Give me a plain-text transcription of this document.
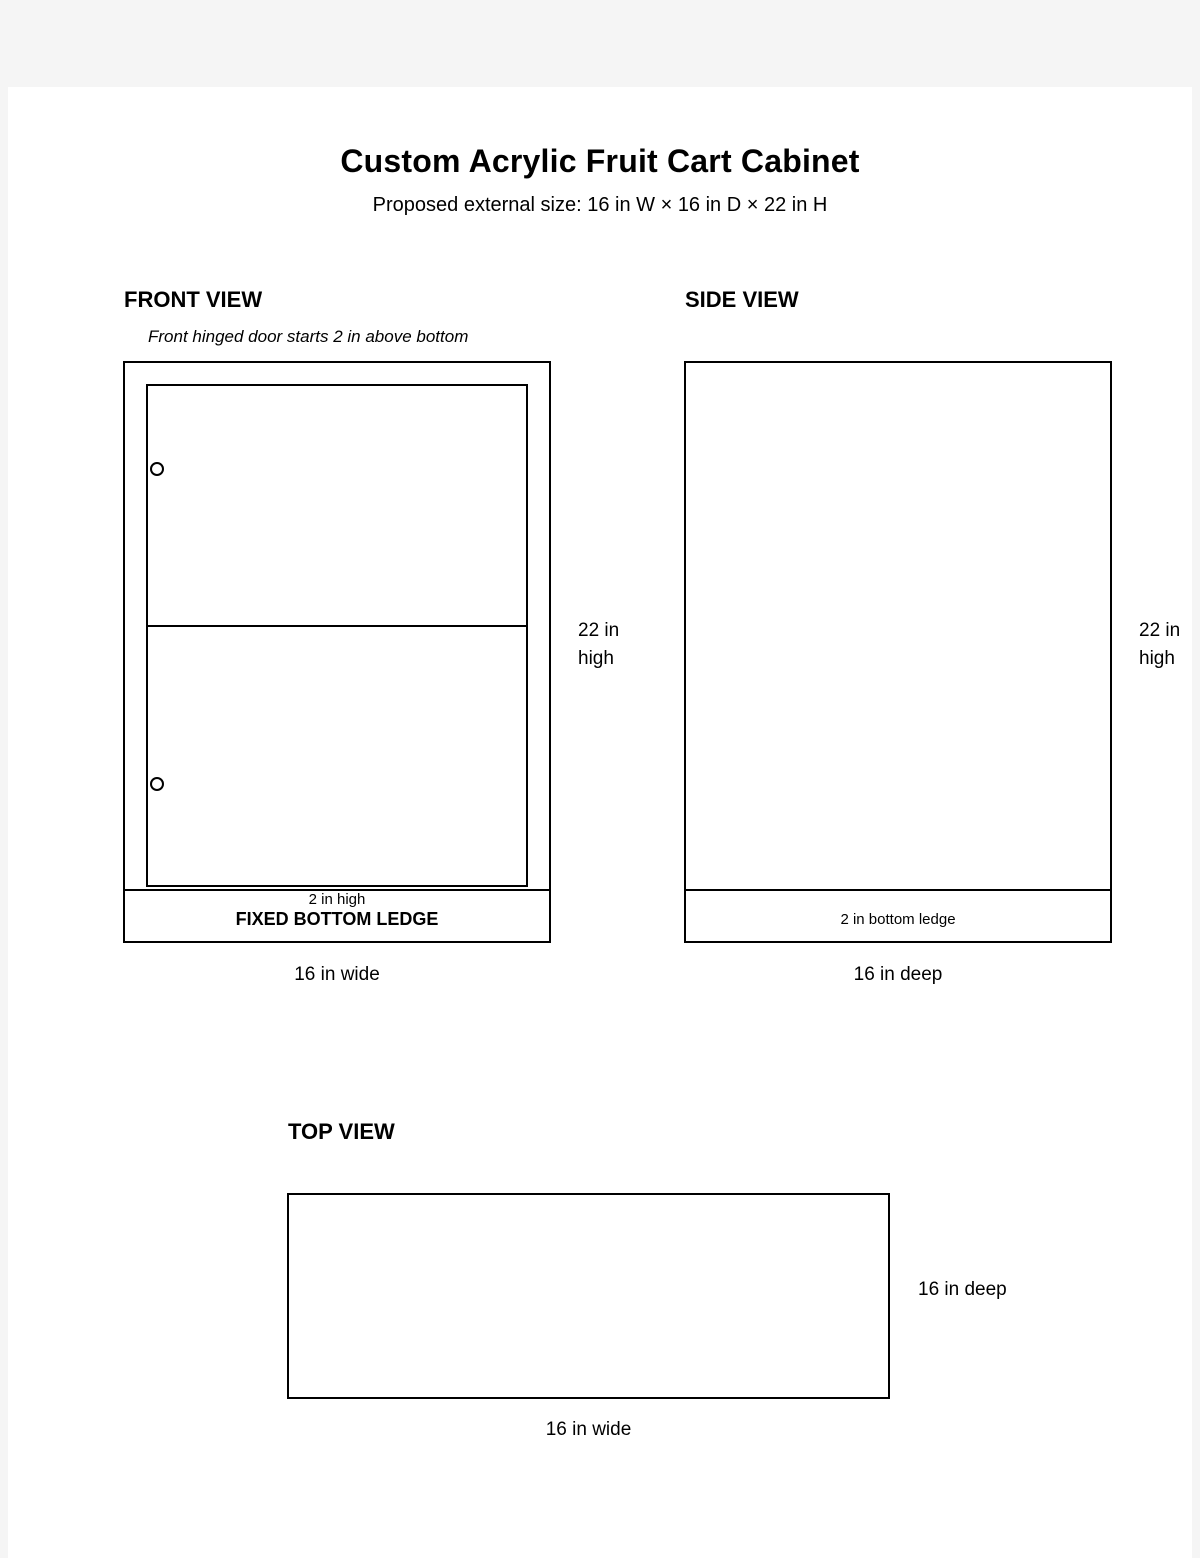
Custom Acrylic Fruit Cart Cabinet
Proposed external size: 16 in W × 16 in D × 22 in H
FRONT VIEW
Front hinged door starts 2 in above bottom
2 in high
FIXED BOTTOM LEDGE
22 in
high
16 in wide
SIDE VIEW
2 in bottom ledge
22 in
high
16 in deep
TOP VIEW
16 in deep
16 in wide
